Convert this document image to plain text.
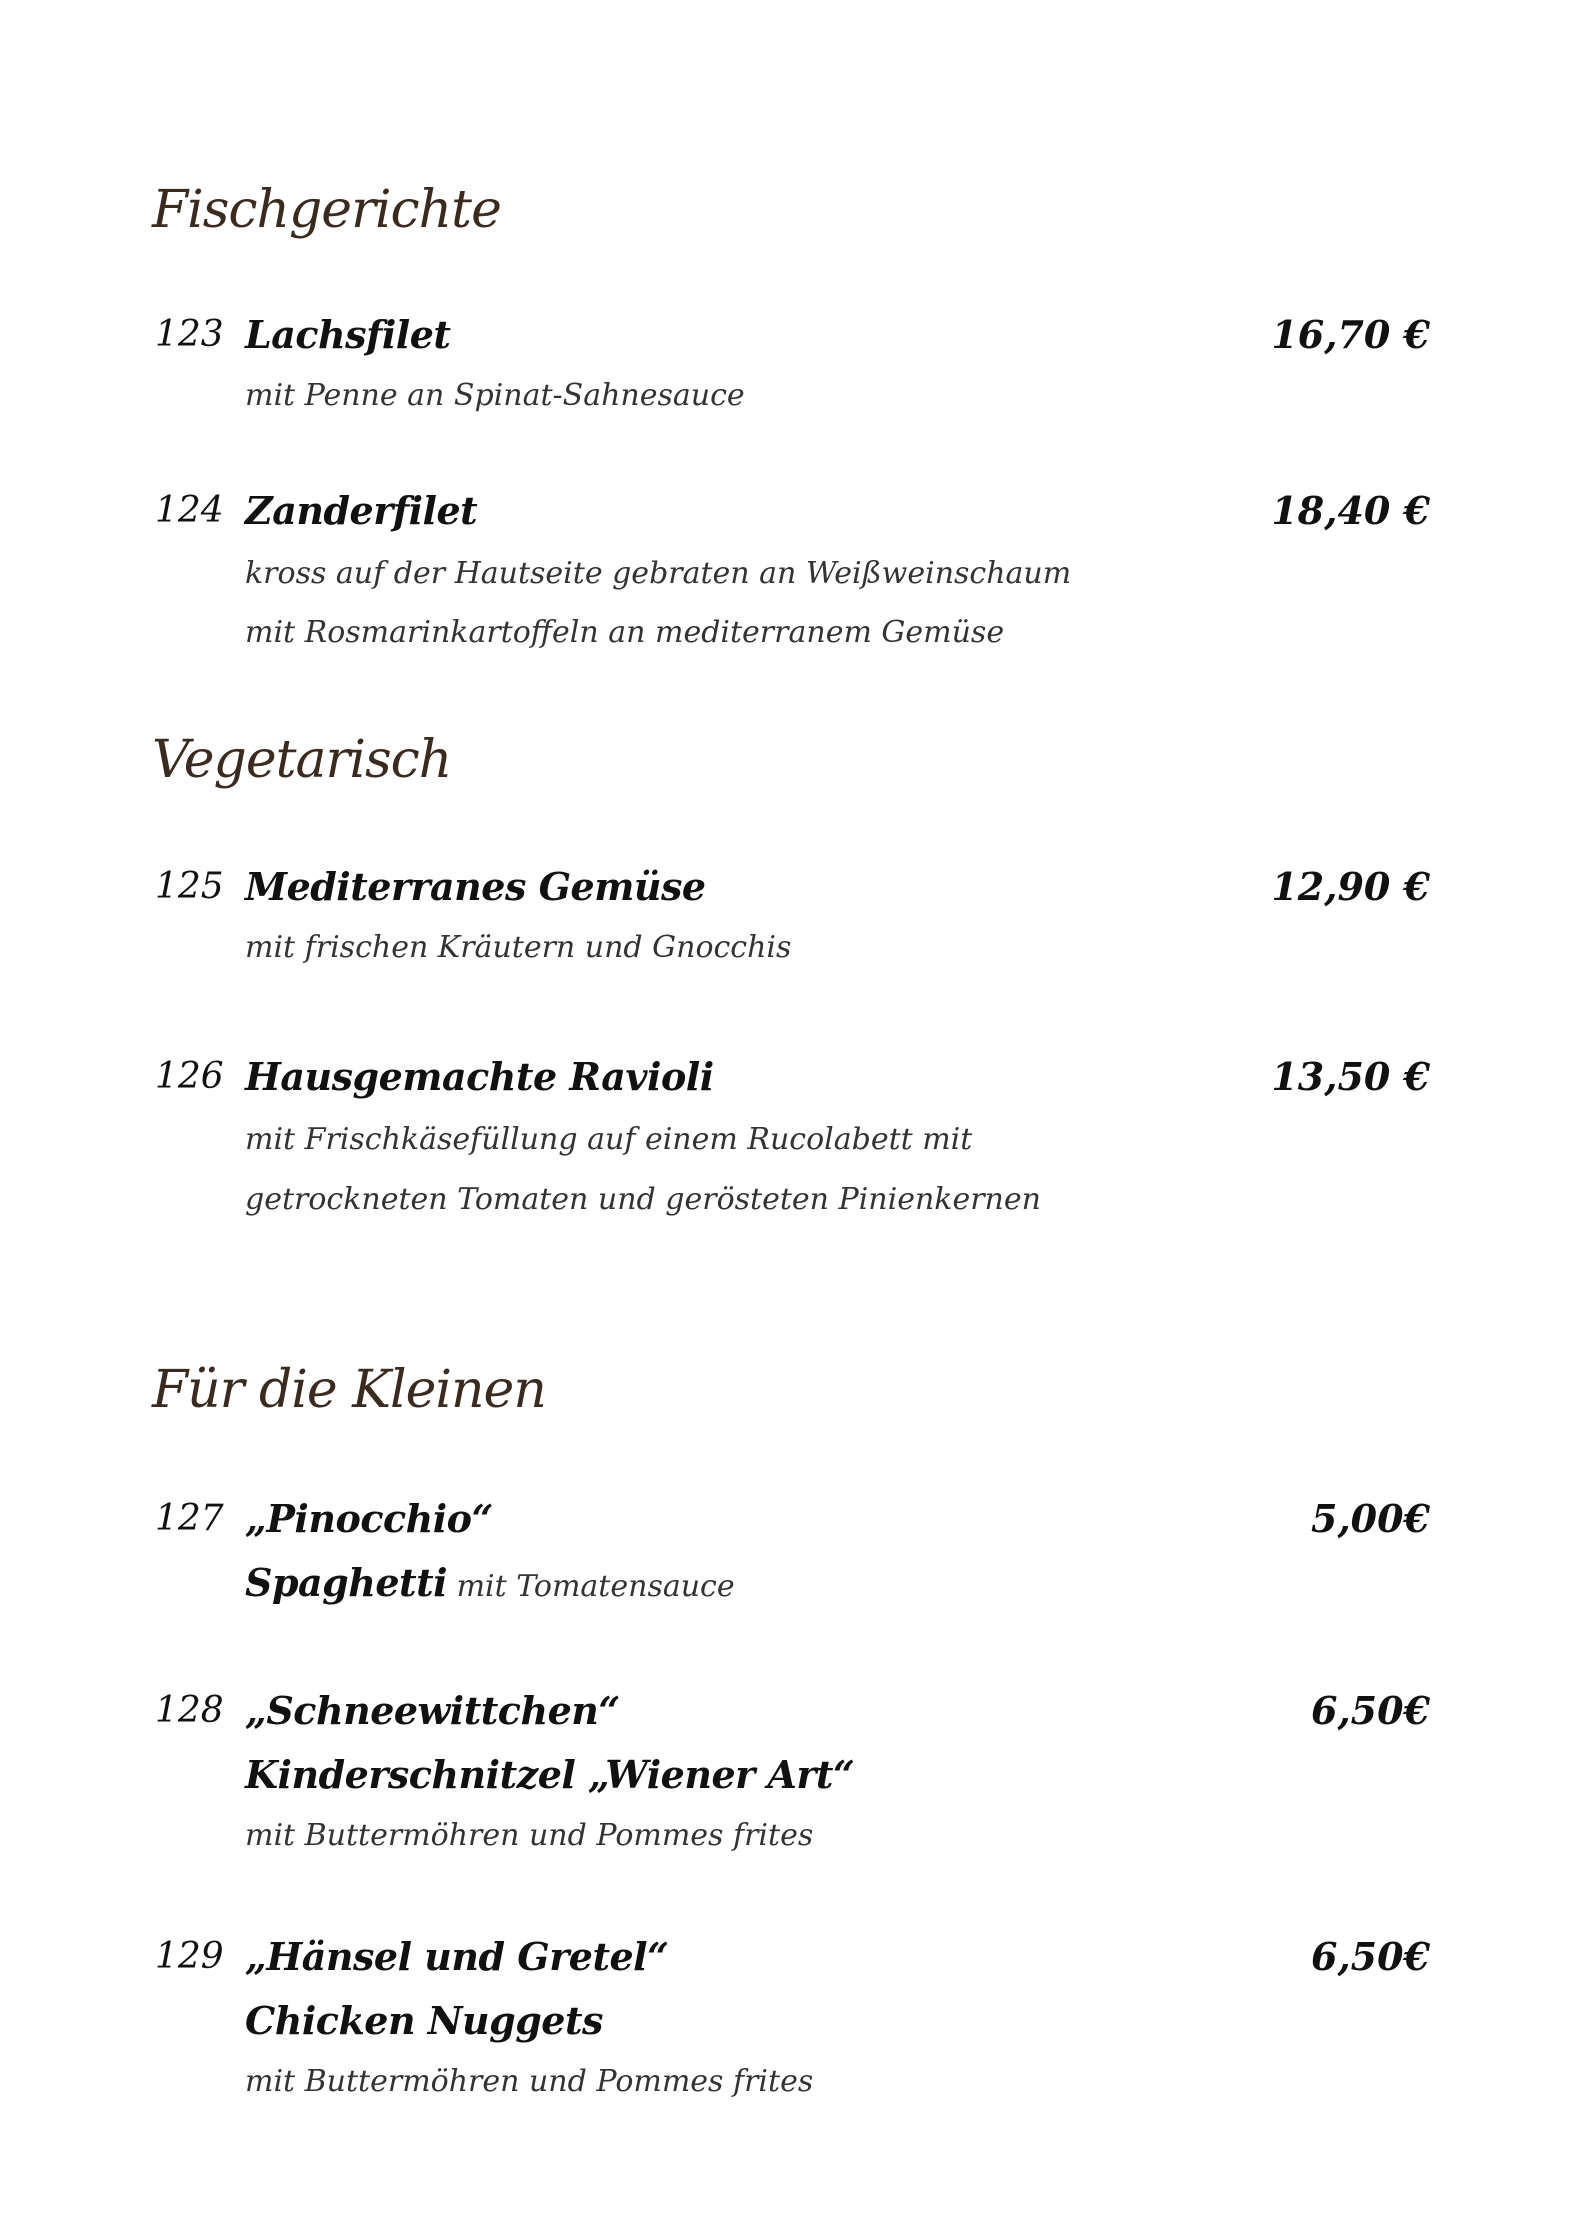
Fischgerichte
123 Lachsfilet	16,70 €
mit Penne an Spinat-Sahnesauce
124 Zanderfilet	18,40 €
kross auf der Hautseite gebraten an Weißweinschaum
mit Rosmarinkartoffeln an mediterranem Gemüse
Vegetarisch
125 Mediterranes Gemüse	12,90 €
mit frischen Kräutern und Gnocchis
126 Hausgemachte Ravioli	13,50 €
mit Frischkäsefüllung auf einem Rucolabett mit
getrockneten Tomaten und gerösteten Pinienkernen
Für die Kleinen
127 „Pinocchio“	5,00€
Spaghetti mit Tomatensauce
128 „Schneewittchen“	6,50€
Kinderschnitzel „Wiener Art“
mit Buttermöhren und Pommes frites
129 „Hänsel und Gretel“	6,50€
Chicken Nuggets
mit Buttermöhren und Pommes frites
